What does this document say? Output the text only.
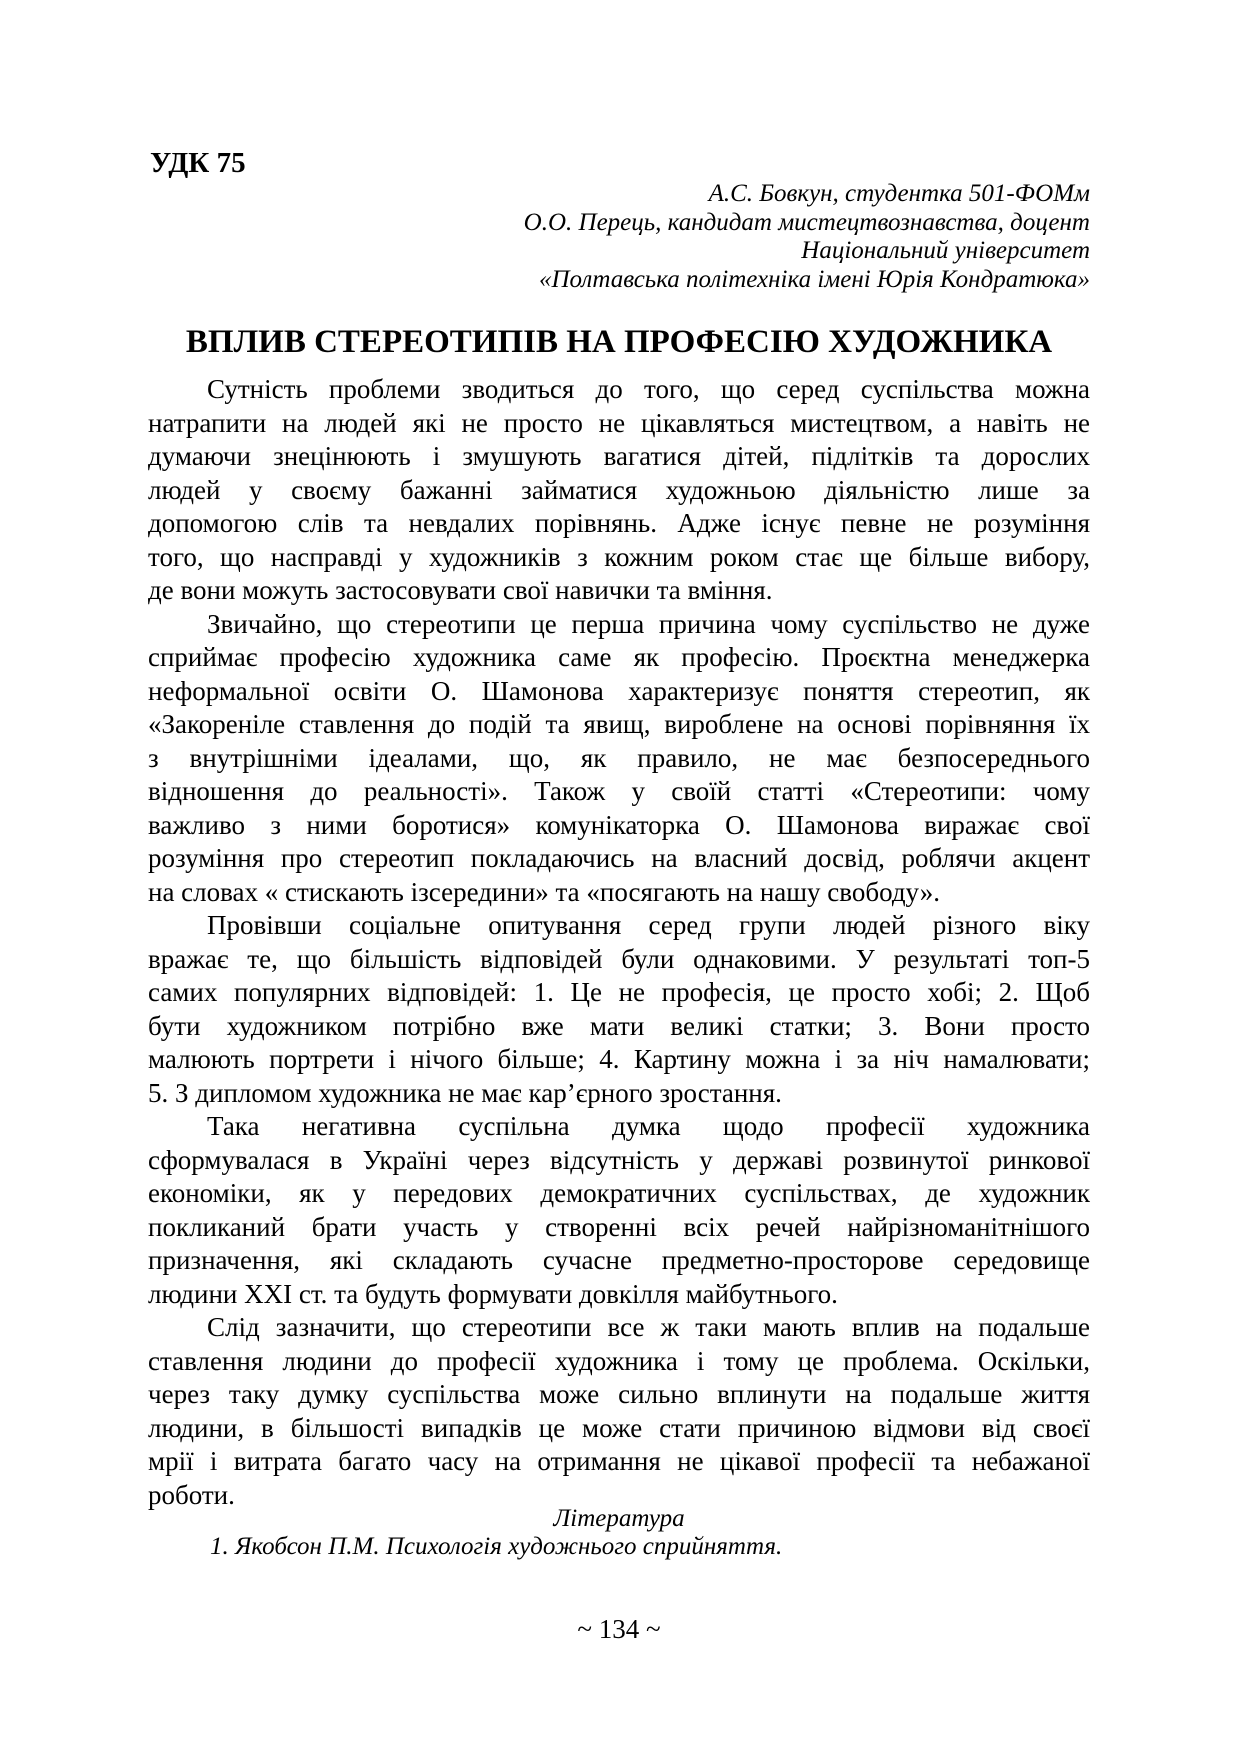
УДК 75
А.С. Бовкун, студентка 501-ФОМм
О.О. Перець, кандидат мистецтвознавства, доцент
Національний університет
«Полтавська політехніка імені Юрія Кондратюка»
ВПЛИВ СТЕРЕОТИПІВ НА ПРОФЕСІЮ ХУДОЖНИКА
Сутність проблеми зводиться до того, що серед суспільства можна
натрапити на людей які не просто не цікавляться мистецтвом, а навіть не
думаючи знецінюють і змушують вагатися дітей, підлітків та дорослих
людей у своєму бажанні займатися художньою діяльністю лише за
допомогою слів та невдалих порівнянь. Адже існує певне не розуміння
того, що насправді у художників з кожним роком стає ще більше вибору,
де вони можуть застосовувати свої навички та вміння.
Звичайно, що стереотипи це перша причина чому суспільство не дуже
сприймає професію художника саме як професію. Проєктна менеджерка
неформальної освіти О. Шамонова характеризує поняття стереотип, як
«Закореніле ставлення до подій та явищ, вироблене на основі порівняння їх
з внутрішніми ідеалами, що, як правило, не має безпосереднього
відношення до реальності». Також у своїй статті «Стереотипи: чому
важливо з ними боротися» комунікаторка О. Шамонова виражає свої
розуміння про стереотип покладаючись на власний досвід, роблячи акцент
на словах « стискають ізсередини» та «посягають на нашу свободу».
Провівши соціальне опитування серед групи людей різного віку
вражає те, що більшість відповідей були однаковими. У результаті топ-5
самих популярних відповідей: 1. Це не професія, це просто хобі; 2. Щоб
бути художником потрібно вже мати великі статки; 3. Вони просто
малюють портрети і нічого більше; 4. Картину можна і за ніч намалювати;
5. З дипломом художника не має кар’єрного зростання.
Така негативна суспільна думка щодо професії художника
сформувалася в Україні через відсутність у державі розвинутої ринкової
економіки, як у передових демократичних суспільствах, де художник
покликаний брати участь у створенні всіх речей найрізноманітнішого
призначення, які складають сучасне предметно-просторове середовище
людини XXI ст. та будуть формувати довкілля майбутнього.
Слід зазначити, що стереотипи все ж таки мають вплив на подальше
ставлення людини до професії художника і тому це проблема. Оскільки,
через таку думку суспільства може сильно вплинути на подальше життя
людини, в більшості випадків це може стати причиною відмови від своєї
мрії і витрата багато часу на отримання не цікавої професії та небажаної
роботи.
Література
1. Якобсон П.М. Психологія художнього сприйняття.
~ 134 ~
